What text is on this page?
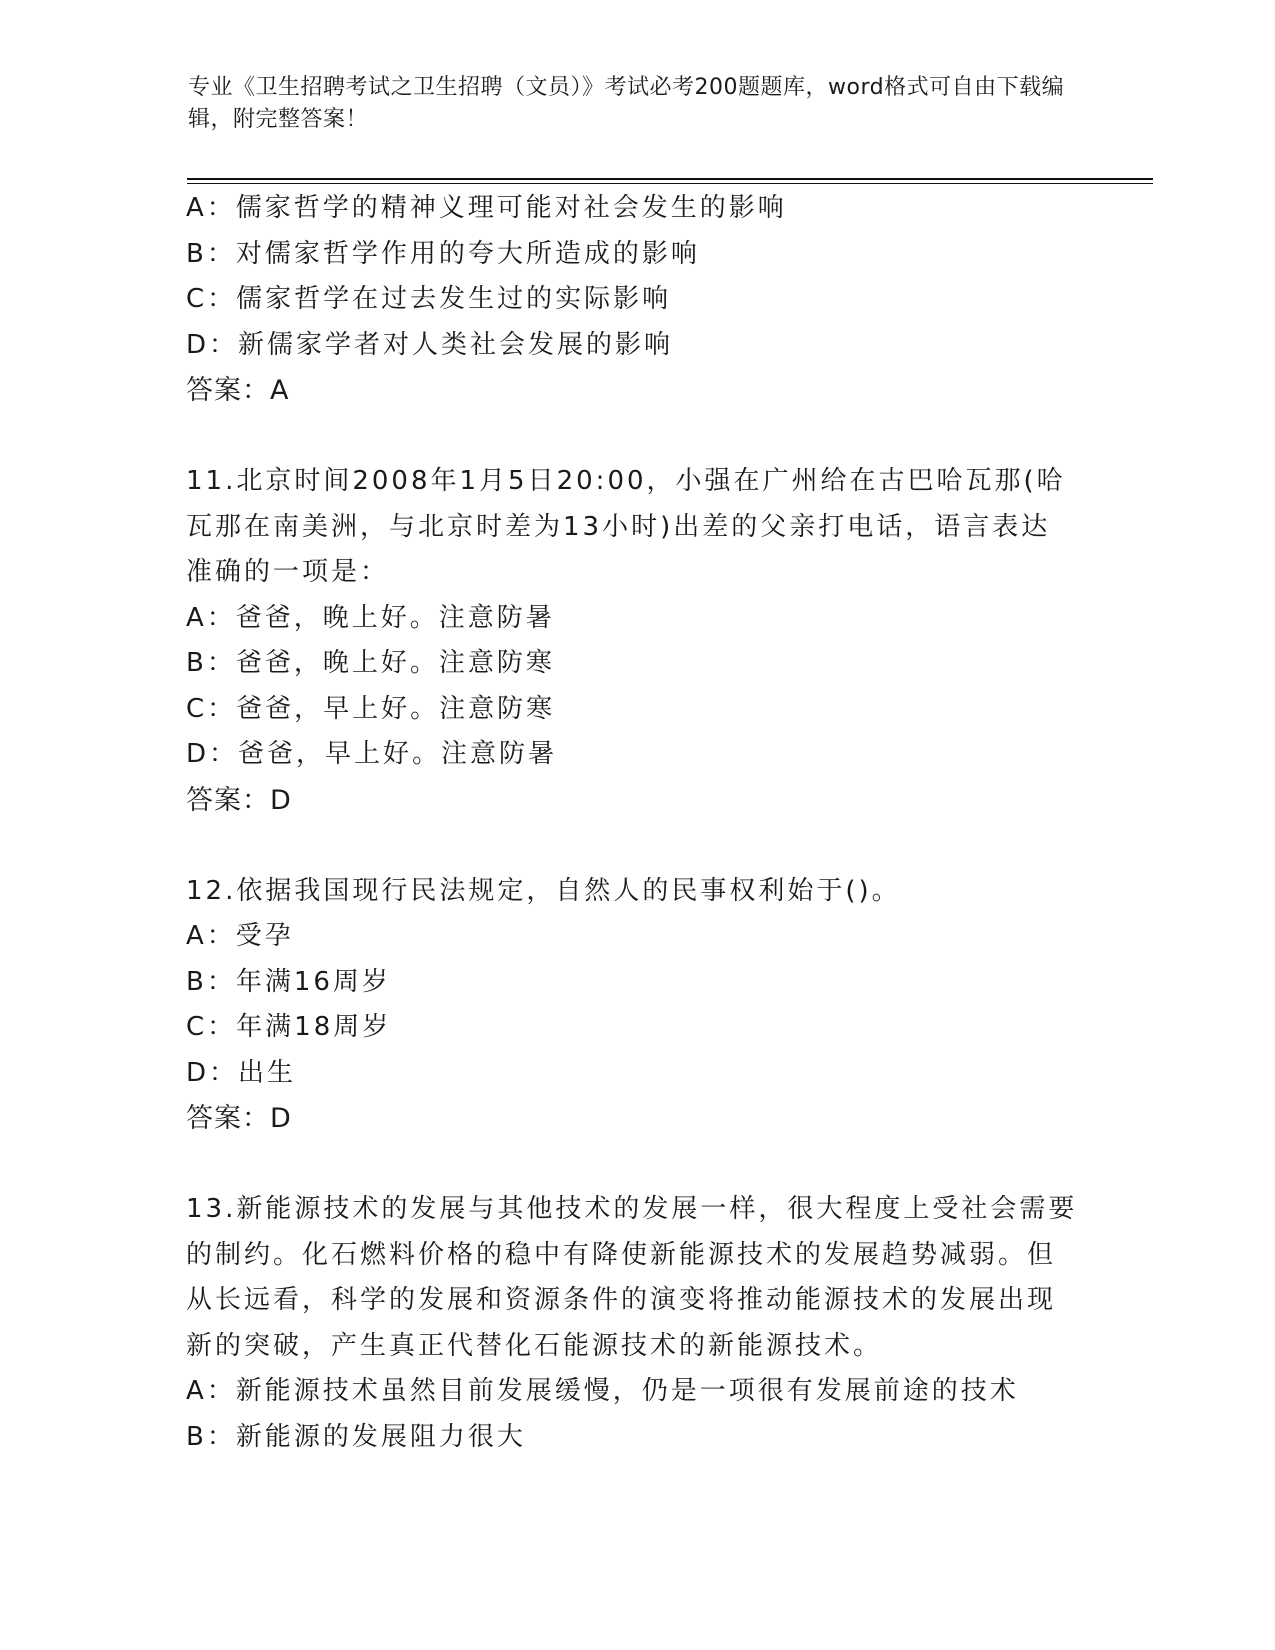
专业《卫生招聘考试之卫生招聘（文员）》考试必考200题题库，word格式可自由下载编辑，附完整答案！
A：儒家哲学的精神义理可能对社会发生的影响
B：对儒家哲学作用的夸大所造成的影响
C：儒家哲学在过去发生过的实际影响
D：新儒家学者对人类社会发展的影响
答案：A
11.北京时间2008年1月5日20:00，小强在广州给在古巴哈瓦那(哈
瓦那在南美洲，与北京时差为13小时)出差的父亲打电话，语言表达
准确的一项是：
A：爸爸，晚上好。注意防暑
B：爸爸，晚上好。注意防寒
C：爸爸，早上好。注意防寒
D：爸爸，早上好。注意防暑
答案：D
12.依据我国现行民法规定，自然人的民事权利始于()。
A：受孕
B：年满16周岁
C：年满18周岁
D：出生
答案：D
13.新能源技术的发展与其他技术的发展一样，很大程度上受社会需要
的制约。化石燃料价格的稳中有降使新能源技术的发展趋势减弱。但
从长远看，科学的发展和资源条件的演变将推动能源技术的发展出现
新的突破，产生真正代替化石能源技术的新能源技术。
A：新能源技术虽然目前发展缓慢，仍是一项很有发展前途的技术
B：新能源的发展阻力很大
